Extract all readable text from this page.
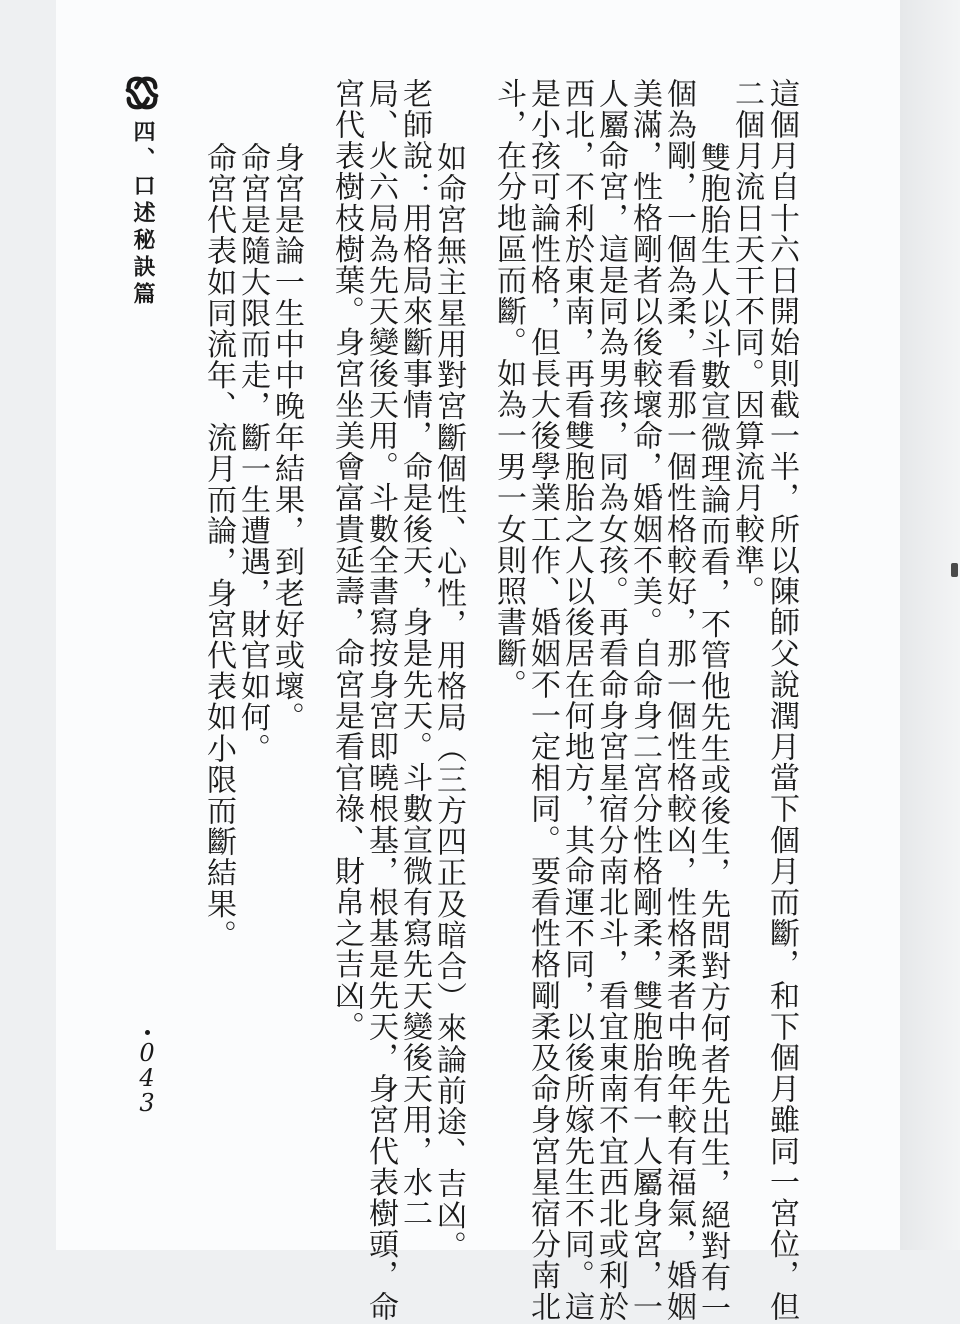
四、口述秘訣篇	這個月自十六日開始則截一半，所以陳師父說潤月當下個月而斷，和下個月雖同一宮位，但
二個月流日天干不同。因算流月較準。
雙胞胎生人以斗數宣微理論而看，不管他先生或後生，先問對方何者先出生，絕對有一
個為剛，一個為柔，看那一個性格較好，那一個性格較凶，性格柔者中晚年較有福氣，婚姻
美滿，性格剛者以後較壞命，婚姻不美。自命身二宮分性格剛柔，雙胞胎有一人屬身宮，一
人屬命宮，這是同為男孩，同為女孩。再看命身宮星宿分南北斗，看宜東南不宜西北或利於
西北，不利於東南，再看雙胞胎之人以後居在何地方，其命運不同，以後所嫁先生不同。這
是小孩可論性格，但長大後學業工作、婚姻不一定相同。要看性格剛柔及命身宮星宿分南北
斗，在分地區而斷。如為一男一女則照書斷。
如命宮無主星用對宮斷個性、心性，用格局（三方四正及暗合）來論前途、吉凶。
老師說：用格局來斷事情，命是後天，身是先天。斗數宣微有寫先天變後天用，水二
局、火六局為先天變後天用。斗數全書寫按身宮即曉根基，根基是先天，身宮代表樹頭，命
宮代表樹枝樹葉。身宮坐美會富貴延壽，命宮是看官祿、財帛之吉凶。
身宮是論一生中中晚年結果，到老好或壞。
命宮是隨大限而走，斷一生遭遇，財官如何。
命宮代表如同流年、流月而論，身宮代表如小限而斷結果。
0
4
3
